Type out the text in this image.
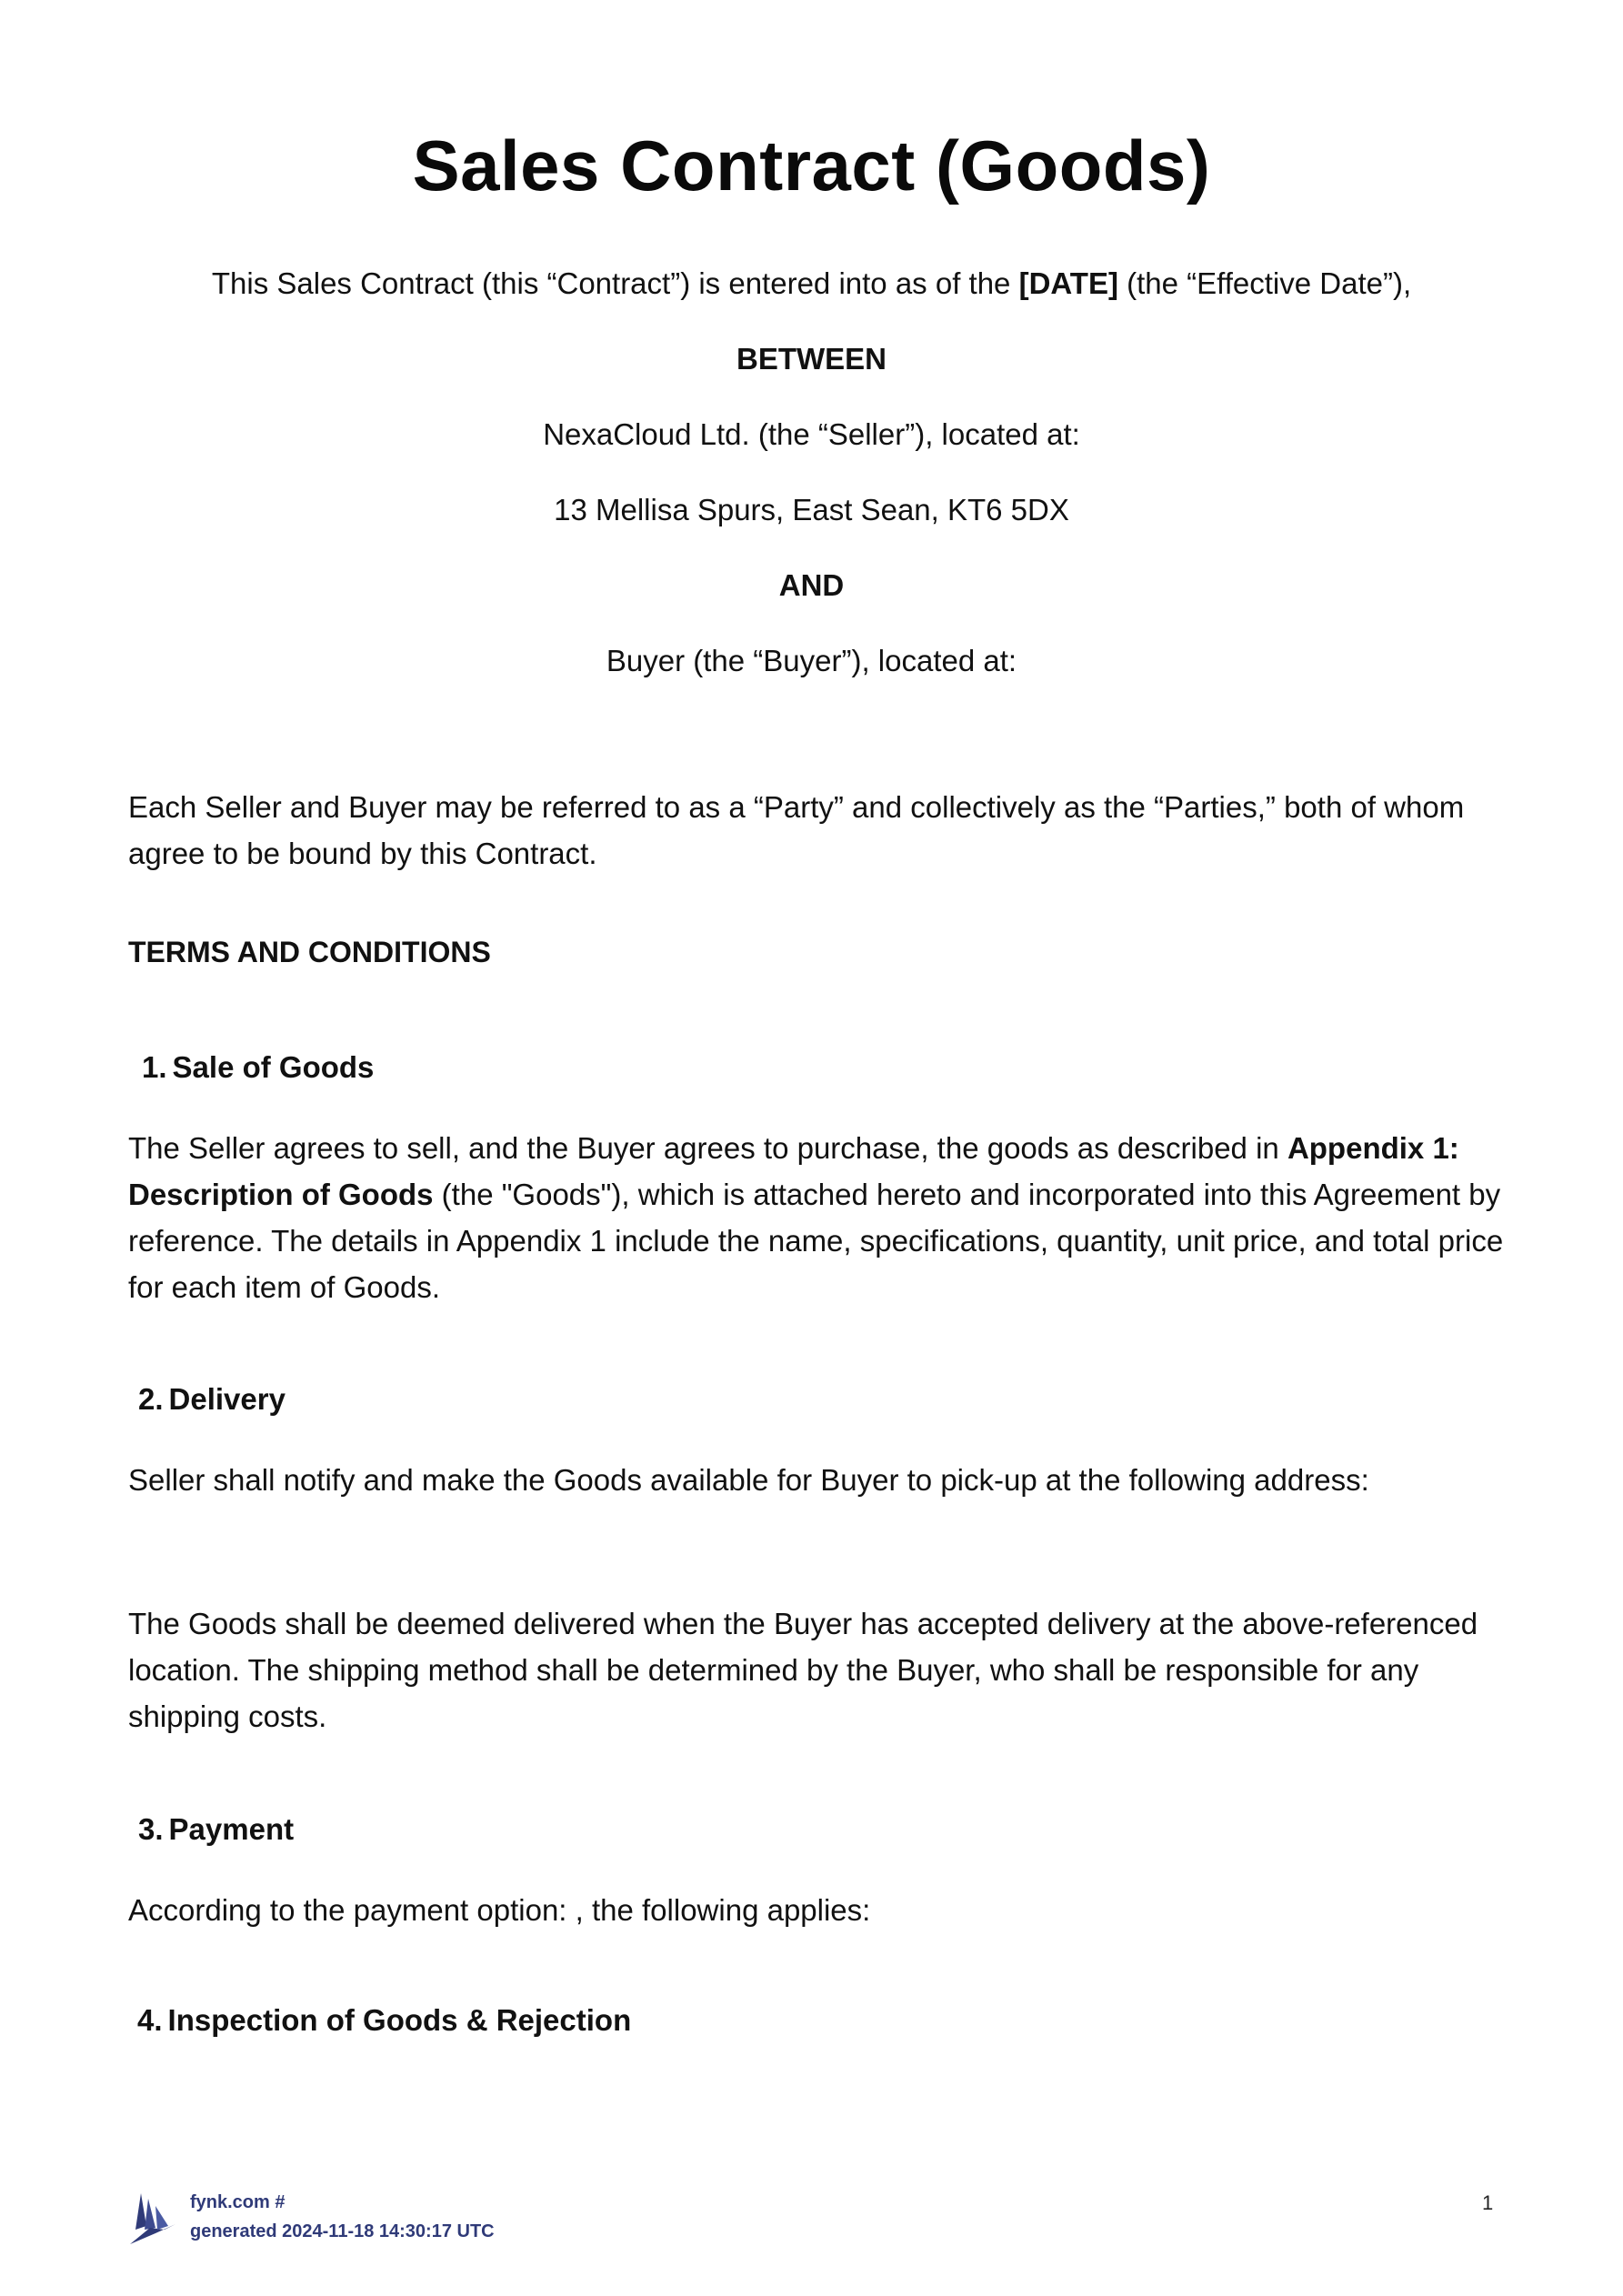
Sales Contract (Goods)
This Sales Contract (this “Contract”) is entered into as of the [DATE] (the “Effective Date”),
BETWEEN
NexaCloud Ltd. (the “Seller”), located at:
13 Mellisa Spurs, East Sean, KT6 5DX
AND
Buyer (the “Buyer”), located at:

Each Seller and Buyer may be referred to as a “Party” and collectively as the “Parties,” both of whom agree to be bound by this Contract.

TERMS AND CONDITIONS
1. Sale of Goods

The Seller agrees to sell, and the Buyer agrees to purchase, the goods as described in Appendix 1: Description of Goods (the "Goods"), which is attached hereto and incorporated into this Agreement by reference. The details in Appendix 1 include the name, specifications, quantity, unit price, and total price for each item of Goods.

2. Delivery

Seller shall notify and make the Goods available for Buyer to pick-up at the following address:

The Goods shall be deemed delivered when the Buyer has accepted delivery at the above-referenced location. The shipping method shall be determined by the Buyer, who shall be responsible for any shipping costs.

3. Payment

According to the payment option: , the following applies:

4. Inspection of Goods & Rejection
fynk.com #
generated 2024-11-18 14:30:17 UTC
1
